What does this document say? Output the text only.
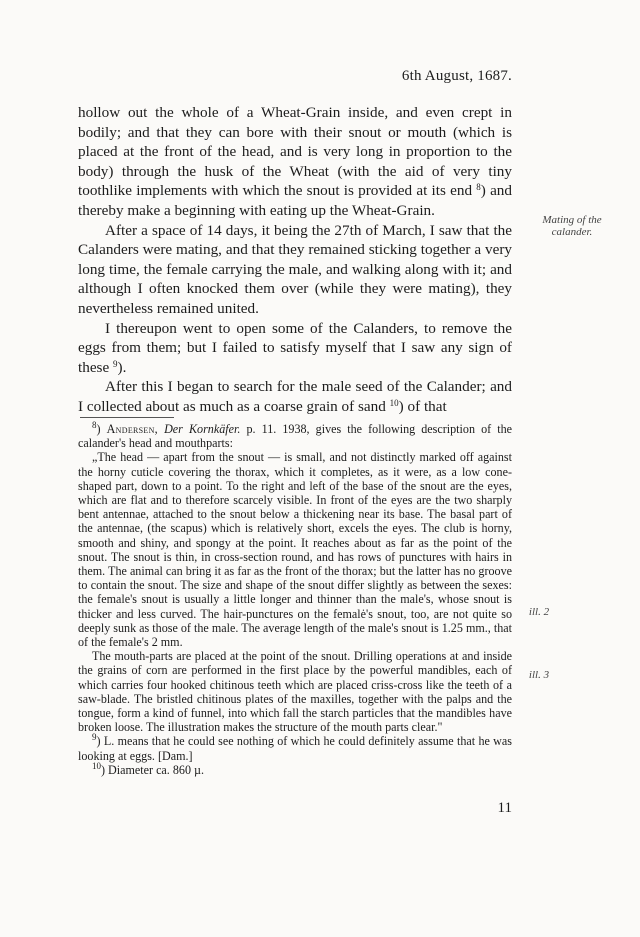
6th August, 1687.

hollow out the whole of a Wheat-Grain inside, and even crept in bodily; and that they can bore with their snout or mouth (which is placed at the front of the head, and is very long in proportion to the body) through the husk of the Wheat (with the aid of very tiny toothlike implements with which the snout is provided at its end $^8$) and thereby make a beginning with eating up the Wheat-Grain.

After a space of 14 days, it being the 27th of March, I saw that the Calanders were mating, and that they remained sticking together a very long time, the female carrying the male, and walking along with it; and although I often knocked them over (while they were mating), they nevertheless remained united.

I thereupon went to open some of the Calanders, to remove the eggs from them; but I failed to satisfy myself that I saw any sign of these $^9$).

After this I began to search for the male seed of the Calander; and I collected about as much as a coarse grain of sand $^{10}$) of that

Mating of the
calander.
ill. 2
ill. 3

$^8$) Andersen, Der Kornkäfer. p. 11. 1938, gives the following description of the calander's head and mouthparts:

„The head — apart from the snout — is small, and not distinctly marked off against the horny cuticle covering the thorax, which it completes, as it were, as a low cone-shaped part, down to a point. To the right and left of the base of the snout are the eyes, which are flat and to therefore scarcely visible. In front of the eyes are the two sharply bent antennae, attached to the snout below a thickening near its base. The basal part of the antennae, (the scapus) which is relatively short, excels the eyes. The club is horny, smooth and shiny, and spongy at the point. It reaches about as far as the point of the snout. The snout is thin, in cross-section round, and has rows of punctures with hairs in them. The animal can bring it as far as the front of the thorax; but the latter has no groove to contain the snout. The size and shape of the snout differ slightly as between the sexes: the female's snout is usually a little longer and thinner than the male's, whose snout is thicker and less curved. The hair-punctures on the femalė's snout, too, are not quite so deeply sunk as those of the male. The average length of the male's snout is 1.25 mm., that of the female's 2 mm.

The mouth-parts are placed at the point of the snout. Drilling operations at and inside the grains of corn are performed in the first place by the powerful mandibles, each of which carries four hooked chitinous teeth which are placed criss-cross like the teeth of a saw-blade. The bristled chitinous plates of the maxilles, together with the palps and the tongue, form a kind of funnel, into which fall the starch particles that the mandibles have broken loose. The illustration makes the structure of the mouth parts clear."

$^9$) L. means that he could see nothing of which he could definitely assume that he was looking at eggs. [Dam.]

$^{10}$) Diameter ca. 860 µ.

11
